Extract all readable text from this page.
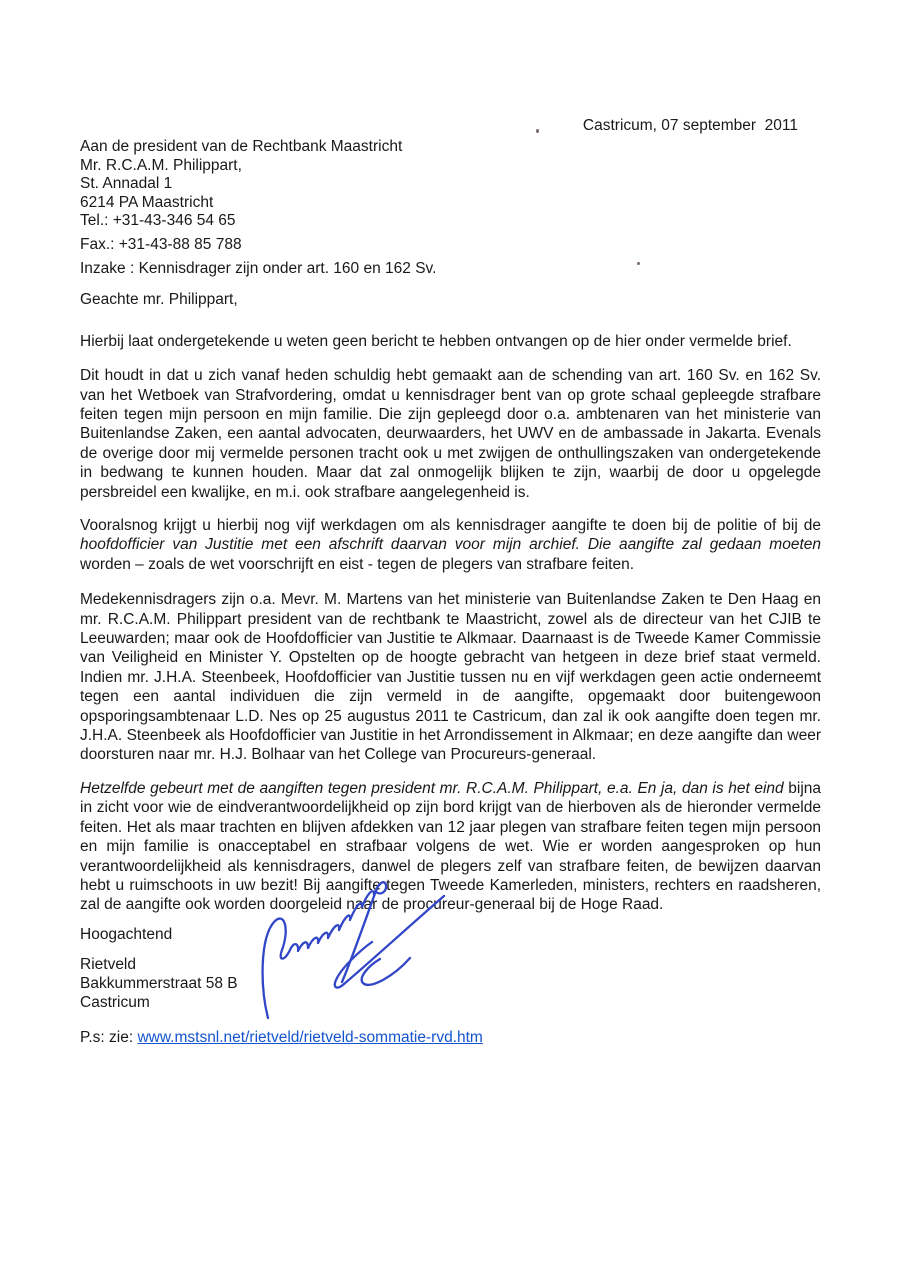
Castricum, 07 september  2011
Aan de president van de Rechtbank Maastricht
Mr. R.C.A.M. Philippart,
St. Annadal 1
6214 PA Maastricht
Tel.: +31-43-346 54 65
Fax.: +31-43-88 85 788
Inzake : Kennisdrager zijn onder art. 160 en 162 Sv.
Geachte mr. Philippart,
Hierbij laat ondergetekende u weten geen bericht te hebben ontvangen op de hier onder vermelde brief.
Dit houdt in dat u zich vanaf heden schuldig hebt gemaakt aan de schending van art. 160 Sv. en 162 Sv. van het Wetboek van Strafvordering, omdat u kennisdrager bent van op grote schaal gepleegde strafbare feiten tegen mijn persoon en mijn familie. Die zijn gepleegd door o.a. ambtenaren van het ministerie van Buitenlandse Zaken, een aantal advocaten, deurwaarders, het UWV en de ambassade in Jakarta. Evenals de overige door mij vermelde personen tracht ook u met zwijgen de onthullingszaken van ondergetekende in bedwang te kunnen houden. Maar dat zal onmogelijk blijken te zijn, waarbij de door u opgelegde persbreidel een kwalijke, en m.i. ook strafbare aangelegenheid is.
Vooralsnog krijgt u hierbij nog vijf werkdagen om als kennisdrager aangifte te doen bij de politie of bij de hoofdofficier van Justitie met een afschrift daarvan voor mijn archief. Die aangifte zal gedaan moeten worden – zoals de wet voorschrijft en eist - tegen de plegers van strafbare feiten.
Medekennisdragers zijn o.a. Mevr. M. Martens van het ministerie van Buitenlandse Zaken te Den Haag en mr. R.C.A.M. Philippart president van de rechtbank te Maastricht, zowel als de directeur van het CJIB te Leeuwarden; maar ook de Hoofdofficier van Justitie te Alkmaar. Daarnaast is de Tweede Kamer Commissie van Veiligheid en Minister Y. Opstelten op de hoogte gebracht van hetgeen in deze brief staat vermeld. Indien mr. J.H.A. Steenbeek, Hoofdofficier van Justitie tussen nu en vijf werkdagen geen actie onderneemt tegen een aantal individuen die zijn vermeld in de aangifte, opgemaakt door buitengewoon opsporingsambtenaar L.D. Nes op 25 augustus 2011 te Castricum, dan zal ik ook aangifte doen tegen mr. J.H.A. Steenbeek als Hoofdofficier van Justitie in het Arrondissement in Alkmaar; en deze aangifte dan weer doorsturen naar mr. H.J. Bolhaar van het College van Procureurs-generaal.
Hetzelfde gebeurt met de aangiften tegen president mr. R.C.A.M. Philippart, e.a. En ja, dan is het eind bijna in zicht voor wie de eindverantwoordelijkheid op zijn bord krijgt van de hierboven als de hieronder vermelde feiten. Het als maar trachten en blijven afdekken van 12 jaar plegen van strafbare feiten tegen mijn persoon en mijn familie is onacceptabel en strafbaar volgens de wet. Wie er worden aangesproken op hun verantwoordelijkheid als kennisdragers, danwel de plegers zelf van strafbare feiten, de bewijzen daarvan hebt u ruimschoots in uw bezit! Bij aangifte tegen Tweede Kamerleden, ministers, rechters en raadsheren, zal de aangifte ook worden doorgeleid naar de procureur-generaal bij de Hoge Raad.
Hoogachtend
Rietveld
Bakkummerstraat 58 B
Castricum
P.s: zie: www.mstsnl.net/rietveld/rietveld-sommatie-rvd.htm
